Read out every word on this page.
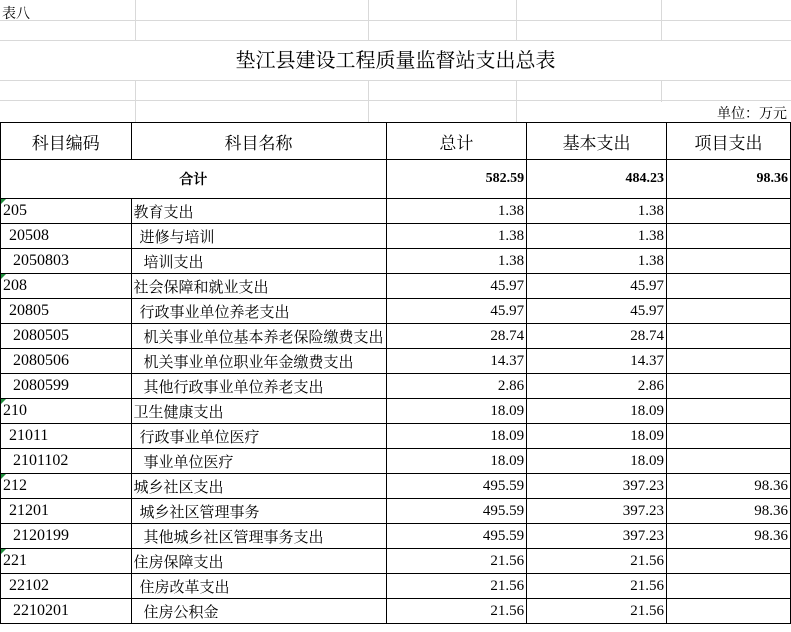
表八
垫江县建设工程质量监督站支出总表
单位：万元
科目编码	科目名称	总计	基本支出	项目支出
合计		582.59	484.23	98.36
205	教育支出	1.38	1.38	
20508	进修与培训	1.38	1.38	
2050803	培训支出	1.38	1.38	
208	社会保障和就业支出	45.97	45.97	
20805	行政事业单位养老支出	45.97	45.97	
2080505	机关事业单位基本养老保险缴费支出	28.74	28.74	
2080506	机关事业单位职业年金缴费支出	14.37	14.37	
2080599	其他行政事业单位养老支出	2.86	2.86	
210	卫生健康支出	18.09	18.09	
21011	行政事业单位医疗	18.09	18.09	
2101102	事业单位医疗	18.09	18.09	
212	城乡社区支出	495.59	397.23	98.36
21201	城乡社区管理事务	495.59	397.23	98.36
2120199	其他城乡社区管理事务支出	495.59	397.23	98.36
221	住房保障支出	21.56	21.56	
22102	住房改革支出	21.56	21.56	
2210201	住房公积金	21.56	21.56	
